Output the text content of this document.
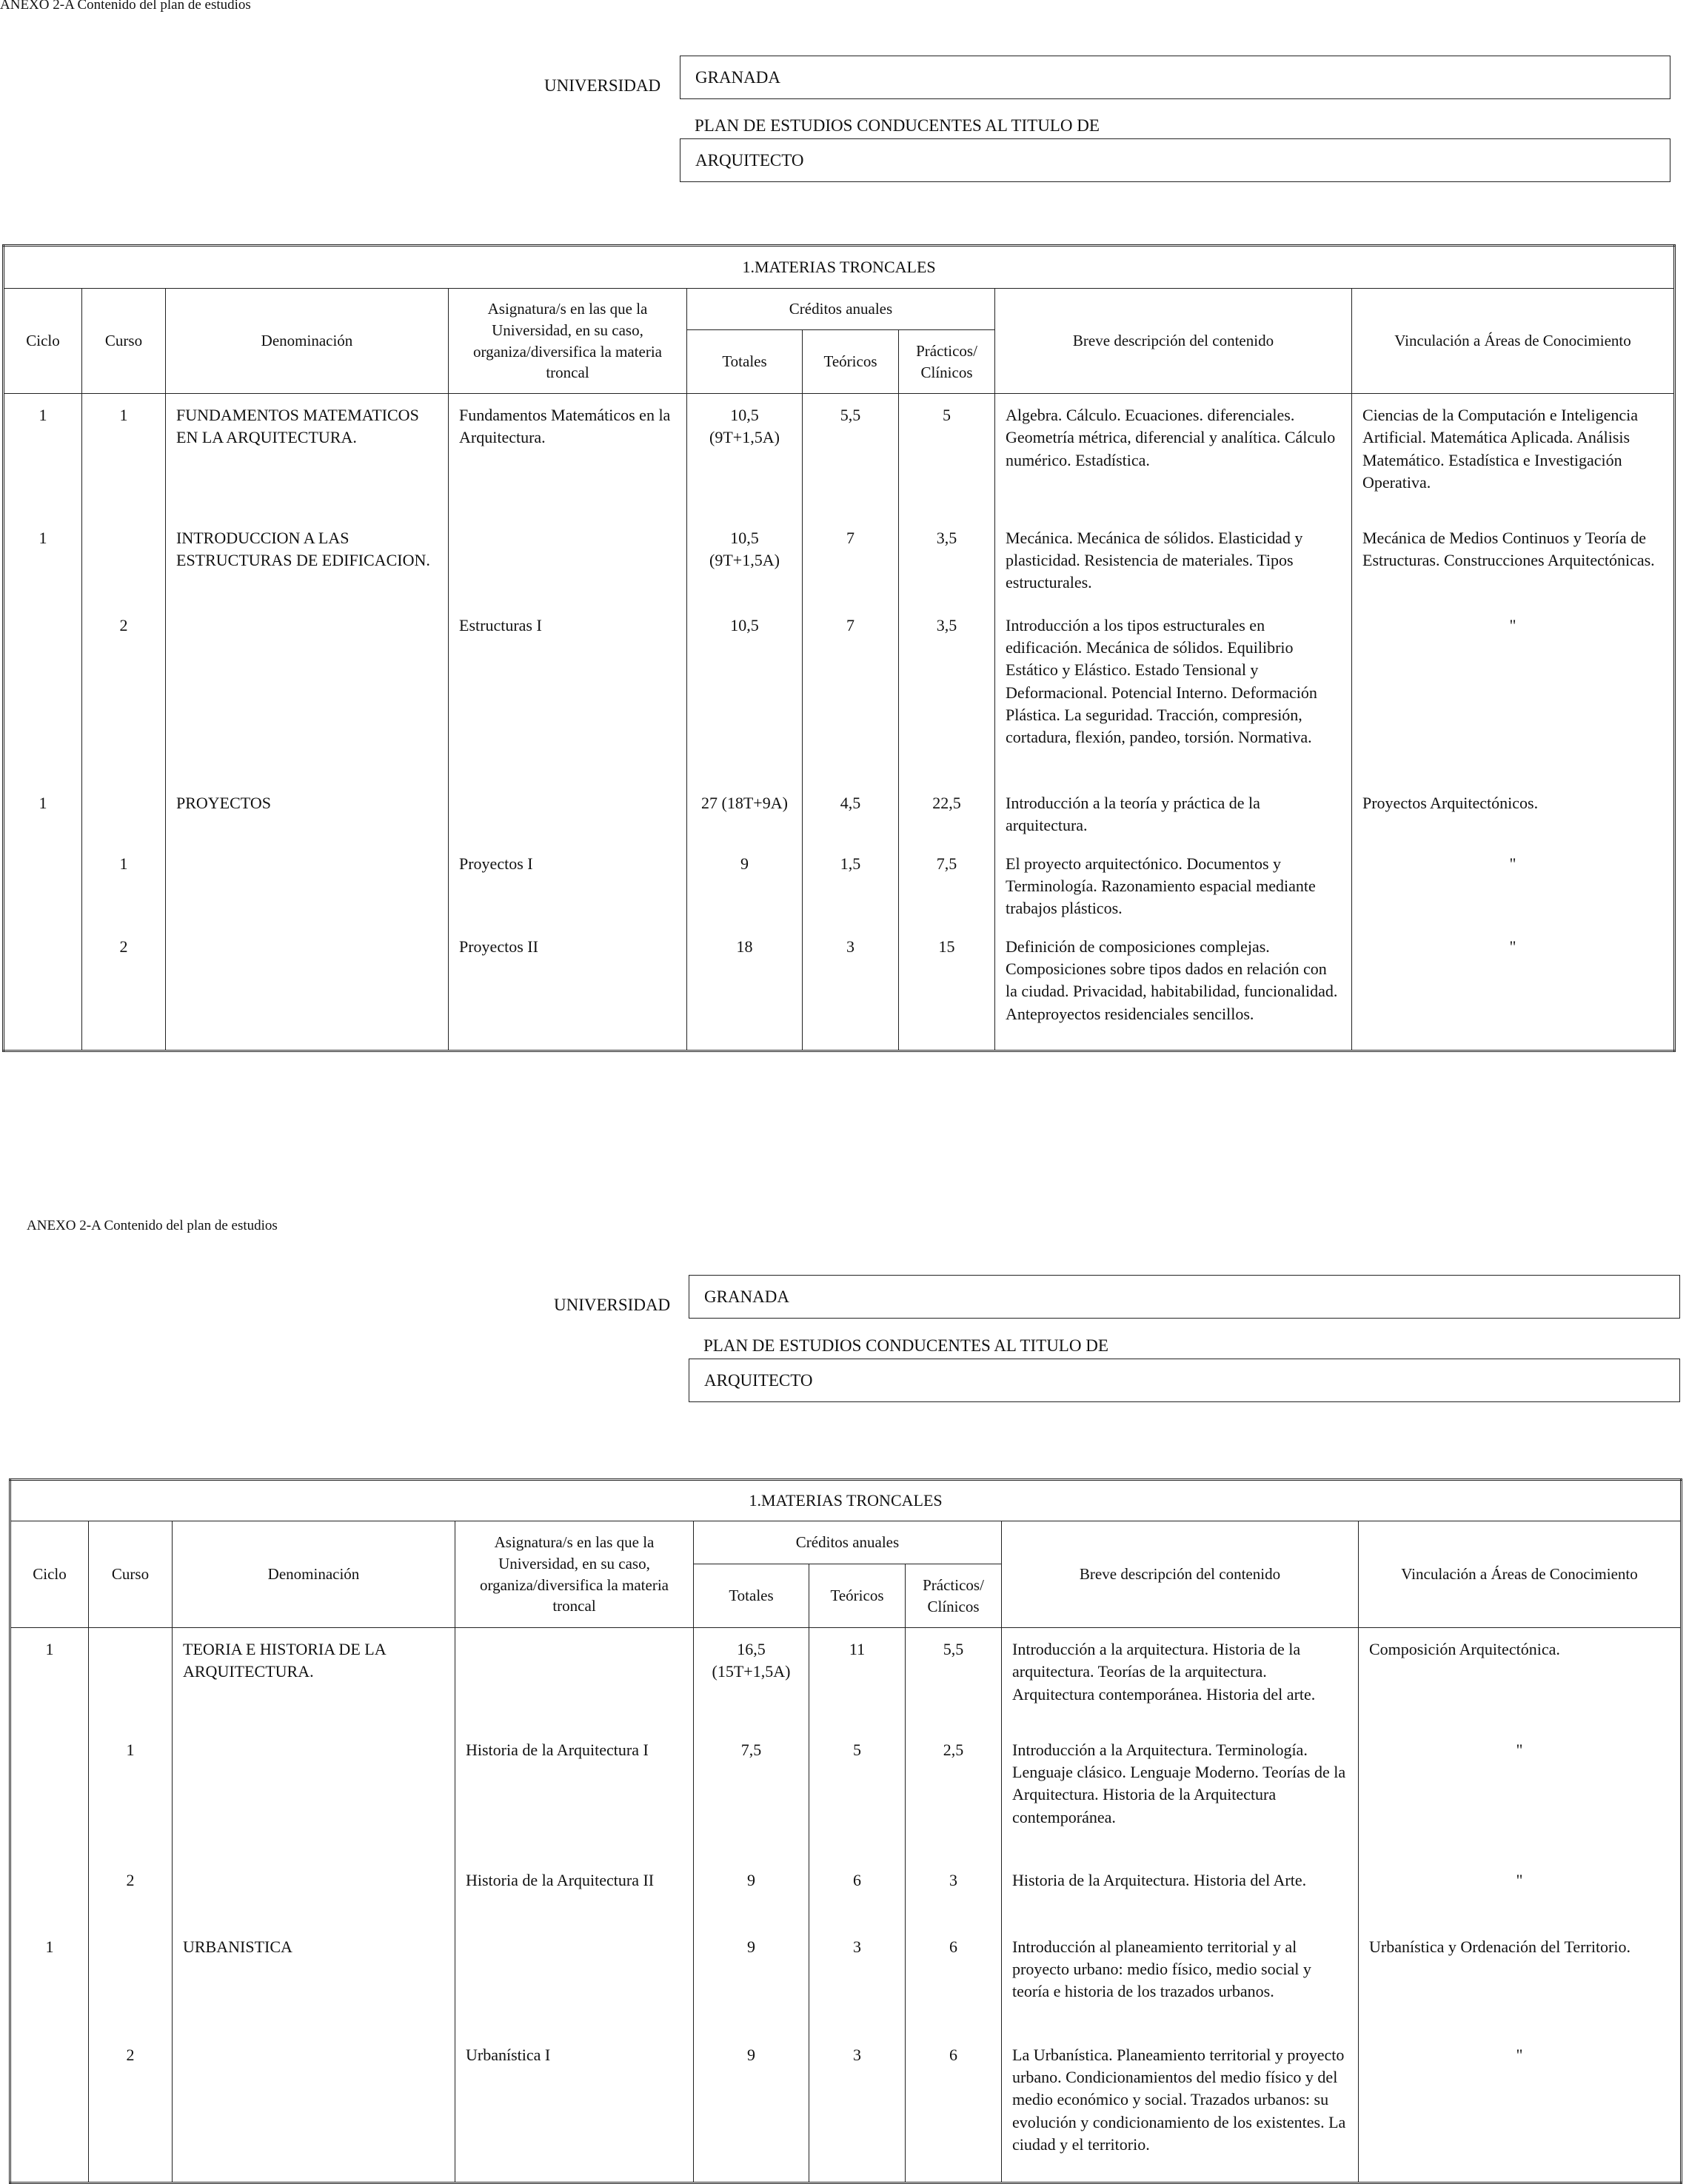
ANEXO 2-A Contenido del plan de estudios
UNIVERSIDAD GRANADA
PLAN DE ESTUDIOS CONDUCENTES AL TITULO DE
ARQUITECTO
1.MATERIAS TRONCALES								
Ciclo	Curso	Denominación	Asignatura/s en las que la Universidad, en su caso, organiza/diversifica la materia troncal	Créditos anuales			Breve descripción del contenido	Vinculación a Áreas de Conocimiento
				Totales	Teóricos	Prácticos/ Clínicos		
1	1	FUNDAMENTOS MATEMATICOS EN LA ARQUITECTURA.	Fundamentos Matemáticos en la Arquitectura.	10,5 (9T+1,5A)	5,5	5	Algebra. Cálculo. Ecuaciones. diferenciales. Geometría métrica, diferencial y analítica. Cálculo numérico. Estadística.	Ciencias de la Computación e Inteligencia Artificial. Matemática Aplicada. Análisis Matemático. Estadística e Investigación Operativa.
1		INTRODUCCION A LAS ESTRUCTURAS DE EDIFICACION.		10,5 (9T+1,5A)	7	3,5	Mecánica. Mecánica de sólidos. Elasticidad y plasticidad. Resistencia de materiales. Tipos estructurales.	Mecánica de Medios Continuos y Teoría de Estructuras. Construcciones Arquitectónicas.
	2		Estructuras I	10,5	7	3,5	Introducción a los tipos estructurales en edificación. Mecánica de sólidos. Equilibrio Estático y Elástico. Estado Tensional y Deformacional. Potencial Interno. Deformación Plástica. La seguridad. Tracción, compresión, cortadura, flexión, pandeo, torsión. Normativa.	"
1		PROYECTOS		27 (18T+9A)	4,5	22,5	Introducción a la teoría y práctica de la arquitectura.	Proyectos Arquitectónicos.
	1		Proyectos I	9	1,5	7,5	El proyecto arquitectónico. Documentos y Terminología. Razonamiento espacial mediante trabajos plásticos.	"
	2		Proyectos II	18	3	15	Definición de composiciones complejas. Composiciones sobre tipos dados en relación con la ciudad. Privacidad, habitabilidad, funcionalidad. Anteproyectos residenciales sencillos.	"
ANEXO 2-A Contenido del plan de estudios
UNIVERSIDAD GRANADA
PLAN DE ESTUDIOS CONDUCENTES AL TITULO DE
ARQUITECTO
1.MATERIAS TRONCALES								
Ciclo	Curso	Denominación	Asignatura/s en las que la Universidad, en su caso, organiza/diversifica la materia troncal	Créditos anuales			Breve descripción del contenido	Vinculación a Áreas de Conocimiento
				Totales	Teóricos	Prácticos/ Clínicos		
1		TEORIA E HISTORIA DE LA ARQUITECTURA.		16,5 (15T+1,5A)	11	5,5	Introducción a la arquitectura. Historia de la arquitectura. Teorías de la arquitectura. Arquitectura contemporánea. Historia del arte.	Composición Arquitectónica.
	1		Historia de la Arquitectura I	7,5	5	2,5	Introducción a la Arquitectura. Terminología. Lenguaje clásico. Lenguaje Moderno. Teorías de la Arquitectura. Historia de la Arquitectura contemporánea.	"
	2		Historia de la Arquitectura II	9	6	3	Historia de la Arquitectura. Historia del Arte.	"
1		URBANISTICA		9	3	6	Introducción al planeamiento territorial y al proyecto urbano: medio físico, medio social y teoría e historia de los trazados urbanos.	Urbanística y Ordenación del Territorio.
	2		Urbanística I	9	3	6	La Urbanística. Planeamiento territorial y proyecto urbano. Condicionamientos del medio físico y del medio económico y social. Trazados urbanos: su evolución y condicionamiento de los existentes. La ciudad y el territorio.	"
